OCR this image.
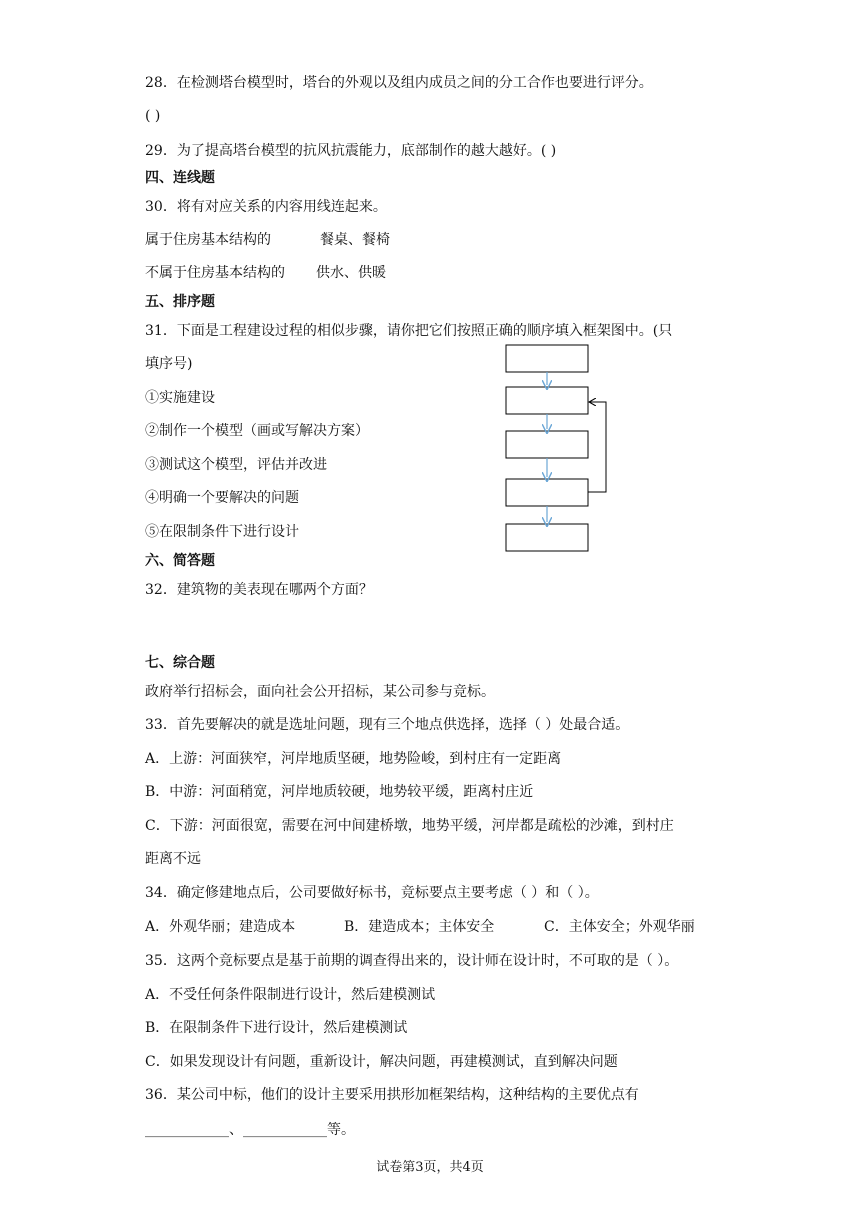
28．在检测塔台模型时，塔台的外观以及组内成员之间的分工合作也要进行评分。
( )
29．为了提高塔台模型的抗风抗震能力，底部制作的越大越好。( )
四、连线题
30．将有对应关系的内容用线连起来。
属于住房基本结构的	餐桌、餐椅
不属于住房基本结构的 供水、供暖
五、排序题
31．下面是工程建设过程的相似步骤，请你把它们按照正确的顺序填入框架图中。(只
填序号)
①实施建设
②制作一个模型（画或写解决方案）
③测试这个模型，评估并改进
④明确一个要解决的问题
⑤在限制条件下进行设计
六、简答题
32．建筑物的美表现在哪两个方面？
七、综合题
政府举行招标会，面向社会公开招标，某公司参与竞标。
33．首先要解决的就是选址问题，现有三个地点供选择，选择（ ）处最合适。
A．上游：河面狭窄，河岸地质坚硬，地势险峻，到村庄有一定距离
B．中游：河面稍宽，河岸地质较硬，地势较平缓，距离村庄近
C．下游：河面很宽，需要在河中间建桥墩，地势平缓，河岸都是疏松的沙滩，到村庄
距离不远
34．确定修建地点后，公司要做好标书，竞标要点主要考虑（ ）和（ ）。
A．外观华丽；建造成本	B．建造成本；主体安全	C．主体安全；外观华丽
35．这两个竞标要点是基于前期的调查得出来的，设计师在设计时，不可取的是（ ）。
A．不受任何条件限制进行设计，然后建模测试
B．在限制条件下进行设计，然后建模测试
C．如果发现设计有问题，重新设计，解决问题，再建模测试，直到解决问题
36．某公司中标，他们的设计主要采用拱形加框架结构，这种结构的主要优点有
____________、____________等。
试卷第3页，共4页
